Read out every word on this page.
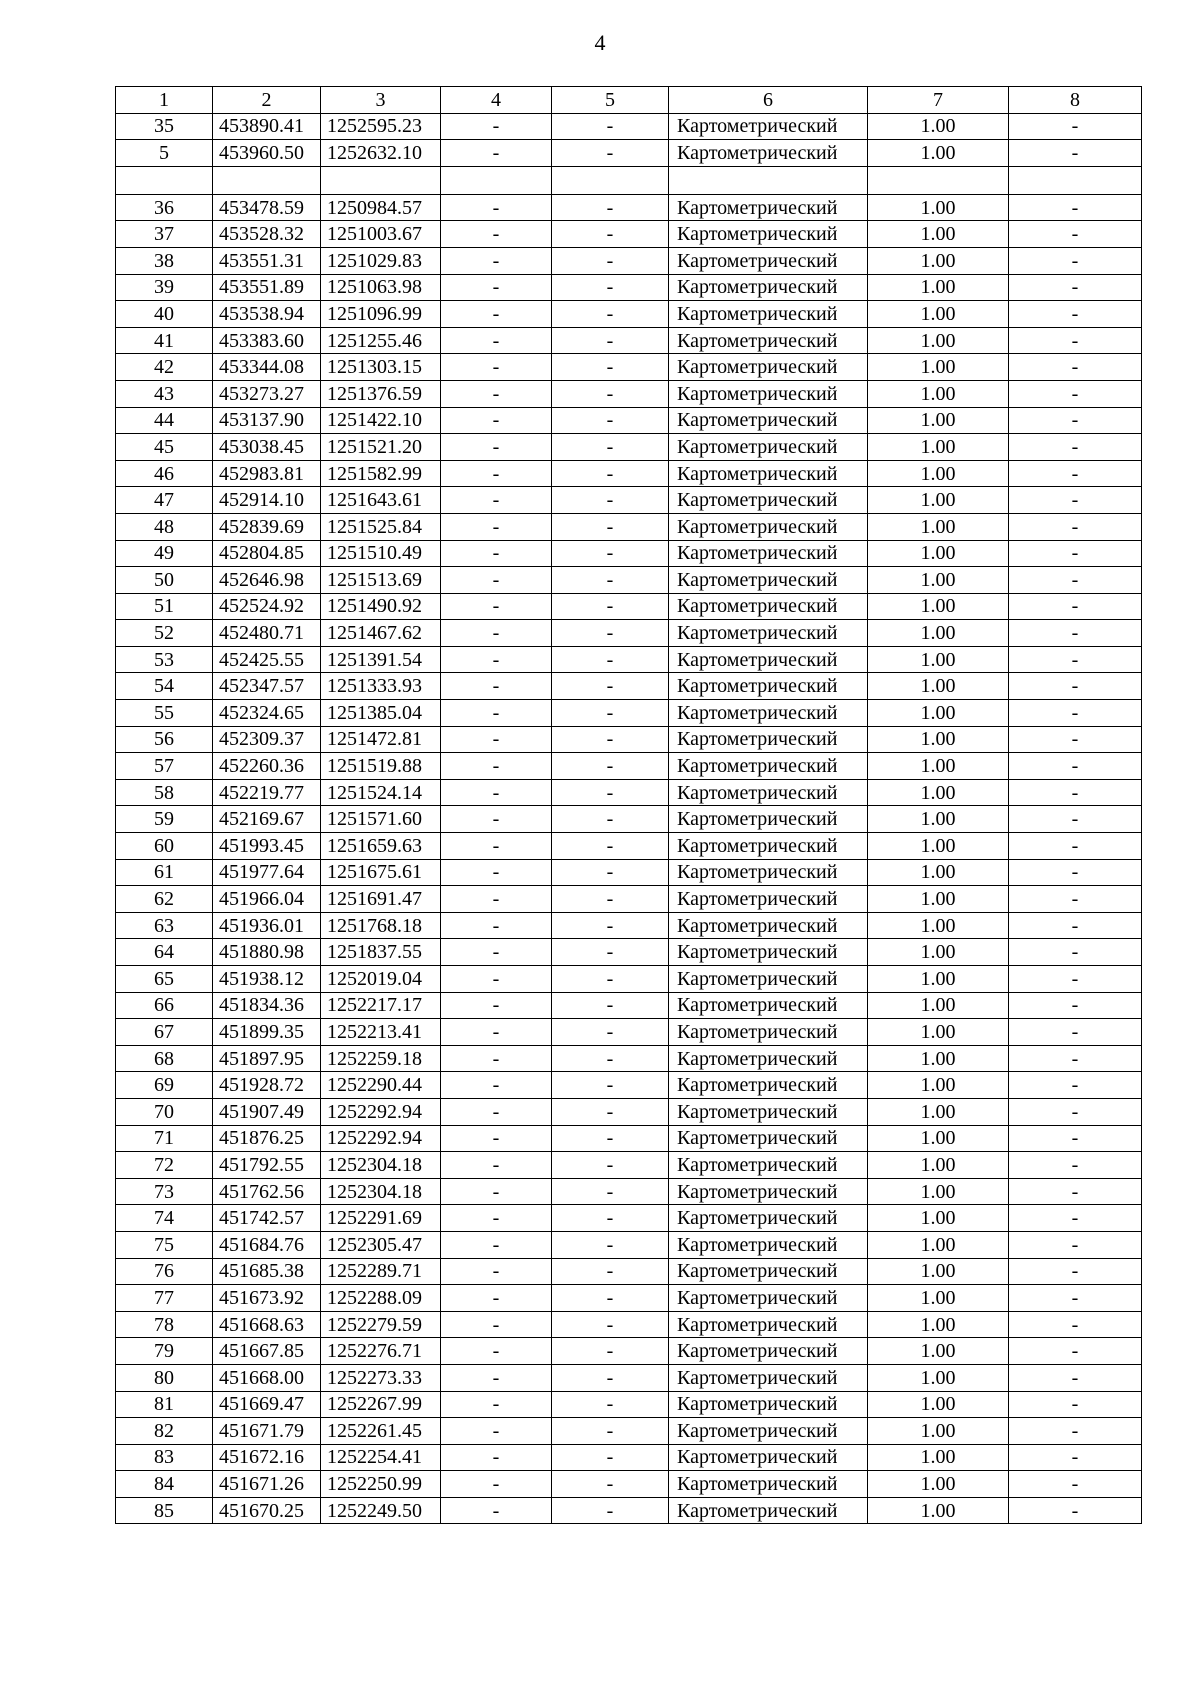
4
1	2	3	4	5	6	7	8
35	453890.41	1252595.23	-	-	Картометрический	1.00	-
5	453960.50	1252632.10	-	-	Картометрический	1.00	-

36	453478.59	1250984.57	-	-	Картометрический	1.00	-
37	453528.32	1251003.67	-	-	Картометрический	1.00	-
38	453551.31	1251029.83	-	-	Картометрический	1.00	-
39	453551.89	1251063.98	-	-	Картометрический	1.00	-
40	453538.94	1251096.99	-	-	Картометрический	1.00	-
41	453383.60	1251255.46	-	-	Картометрический	1.00	-
42	453344.08	1251303.15	-	-	Картометрический	1.00	-
43	453273.27	1251376.59	-	-	Картометрический	1.00	-
44	453137.90	1251422.10	-	-	Картометрический	1.00	-
45	453038.45	1251521.20	-	-	Картометрический	1.00	-
46	452983.81	1251582.99	-	-	Картометрический	1.00	-
47	452914.10	1251643.61	-	-	Картометрический	1.00	-
48	452839.69	1251525.84	-	-	Картометрический	1.00	-
49	452804.85	1251510.49	-	-	Картометрический	1.00	-
50	452646.98	1251513.69	-	-	Картометрический	1.00	-
51	452524.92	1251490.92	-	-	Картометрический	1.00	-
52	452480.71	1251467.62	-	-	Картометрический	1.00	-
53	452425.55	1251391.54	-	-	Картометрический	1.00	-
54	452347.57	1251333.93	-	-	Картометрический	1.00	-
55	452324.65	1251385.04	-	-	Картометрический	1.00	-
56	452309.37	1251472.81	-	-	Картометрический	1.00	-
57	452260.36	1251519.88	-	-	Картометрический	1.00	-
58	452219.77	1251524.14	-	-	Картометрический	1.00	-
59	452169.67	1251571.60	-	-	Картометрический	1.00	-
60	451993.45	1251659.63	-	-	Картометрический	1.00	-
61	451977.64	1251675.61	-	-	Картометрический	1.00	-
62	451966.04	1251691.47	-	-	Картометрический	1.00	-
63	451936.01	1251768.18	-	-	Картометрический	1.00	-
64	451880.98	1251837.55	-	-	Картометрический	1.00	-
65	451938.12	1252019.04	-	-	Картометрический	1.00	-
66	451834.36	1252217.17	-	-	Картометрический	1.00	-
67	451899.35	1252213.41	-	-	Картометрический	1.00	-
68	451897.95	1252259.18	-	-	Картометрический	1.00	-
69	451928.72	1252290.44	-	-	Картометрический	1.00	-
70	451907.49	1252292.94	-	-	Картометрический	1.00	-
71	451876.25	1252292.94	-	-	Картометрический	1.00	-
72	451792.55	1252304.18	-	-	Картометрический	1.00	-
73	451762.56	1252304.18	-	-	Картометрический	1.00	-
74	451742.57	1252291.69	-	-	Картометрический	1.00	-
75	451684.76	1252305.47	-	-	Картометрический	1.00	-
76	451685.38	1252289.71	-	-	Картометрический	1.00	-
77	451673.92	1252288.09	-	-	Картометрический	1.00	-
78	451668.63	1252279.59	-	-	Картометрический	1.00	-
79	451667.85	1252276.71	-	-	Картометрический	1.00	-
80	451668.00	1252273.33	-	-	Картометрический	1.00	-
81	451669.47	1252267.99	-	-	Картометрический	1.00	-
82	451671.79	1252261.45	-	-	Картометрический	1.00	-
83	451672.16	1252254.41	-	-	Картометрический	1.00	-
84	451671.26	1252250.99	-	-	Картометрический	1.00	-
85	451670.25	1252249.50	-	-	Картометрический	1.00	-
